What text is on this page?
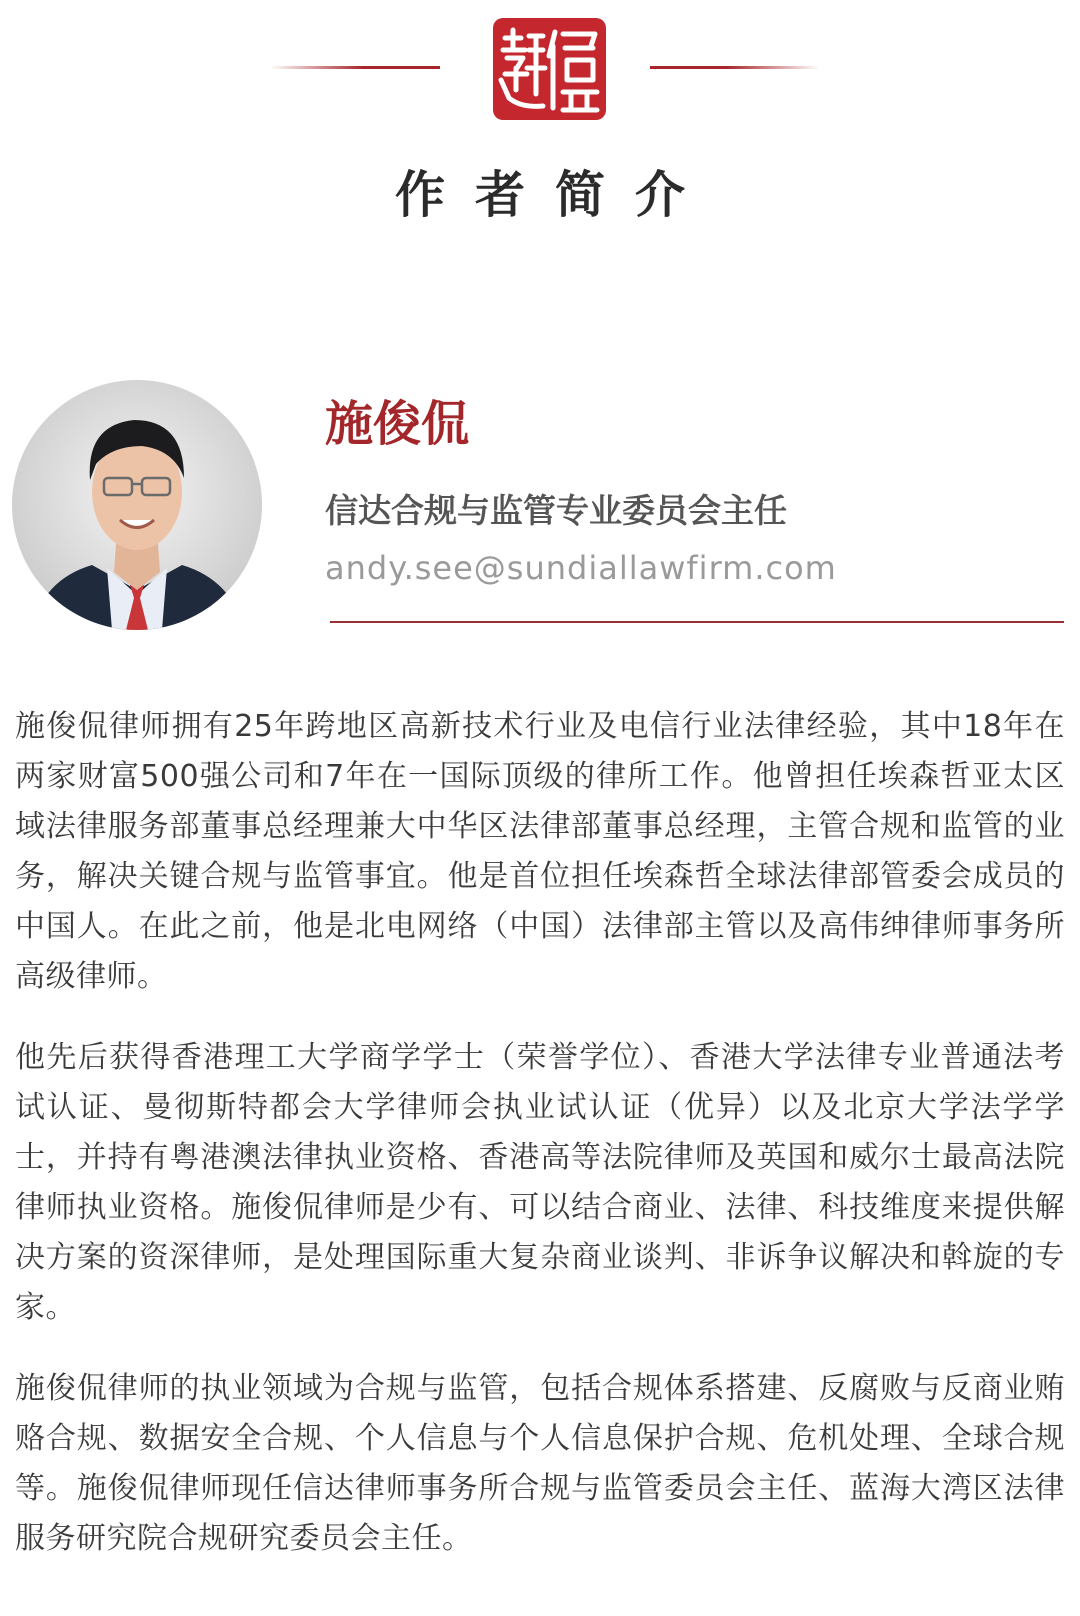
作者简介
施俊侃
信达合规与监管专业委员会主任
andy.see@sundiallawfirm.com

施俊侃律师拥有25年跨地区高新技术行业及电信行业法律经验，其中18年在两家财富500强公司和7年在一国际顶级的律所工作。他曾担任埃森哲亚太区域法律服务部董事总经理兼大中华区法律部董事总经理，主管合规和监管的业务，解决关键合规与监管事宜。他是首位担任埃森哲全球法律部管委会成员的中国人。在此之前，他是北电网络（中国）法律部主管以及高伟绅律师事务所高级律师。

他先后获得香港理工大学商学学士（荣誉学位）、香港大学法律专业普通法考试认证、曼彻斯特都会大学律师会执业试认证（优异）以及北京大学法学学士，并持有粤港澳法律执业资格、香港高等法院律师及英国和威尔士最高法院律师执业资格。施俊侃律师是少有、可以结合商业、法律、科技维度来提供解决方案的资深律师，是处理国际重大复杂商业谈判、非诉争议解决和斡旋的专家。

施俊侃律师的执业领域为合规与监管，包括合规体系搭建、反腐败与反商业贿赂合规、数据安全合规、个人信息与个人信息保护合规、危机处理、全球合规等。施俊侃律师现任信达律师事务所合规与监管委员会主任、蓝海大湾区法律服务研究院合规研究委员会主任。
